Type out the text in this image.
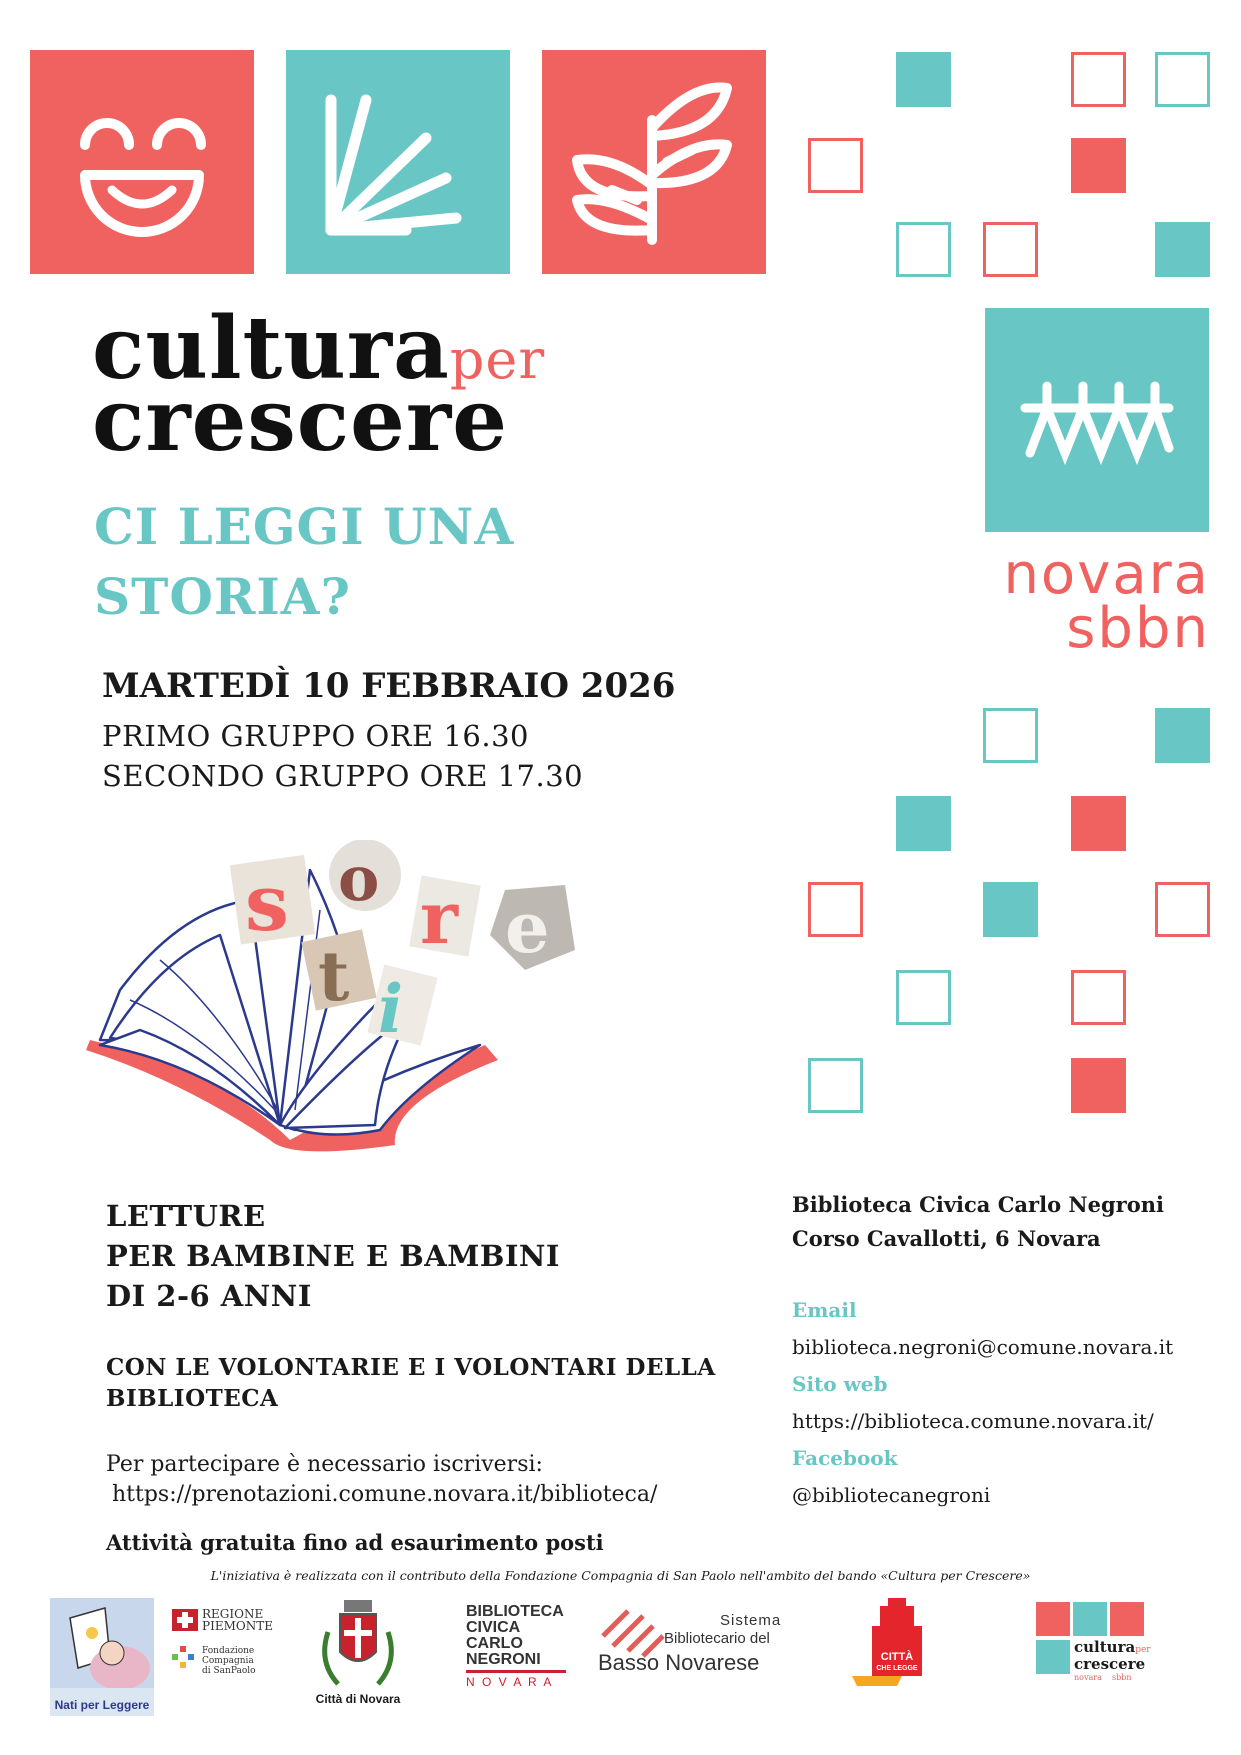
novara
sbbn
culturaper
crescere
CI LEGGI UNA
STORIA?
MARTEDÌ 10 FEBBRAIO 2026
PRIMO GRUPPO ORE 16.30
SECONDO GRUPPO ORE 17.30
s o r
t i
e
LETTURE
PER BAMBINE E BAMBINI
DI 2-6 ANNI
CON LE VOLONTARIE E I VOLONTARI DELLA
BIBLIOTECA
Per partecipare è necessario iscriversi:
https://prenotazioni.comune.novara.it/biblioteca/
Attività gratuita fino ad esaurimento posti
Biblioteca Civica Carlo Negroni
Corso Cavallotti, 6 Novara
Email
biblioteca.negroni@comune.novara.it
Sito web
https://biblioteca.comune.novara.it/
Facebook
@bibliotecanegroni
L'iniziativa è realizzata con il contributo della Fondazione Compagnia di San Paolo nell'ambito del bando «Cultura per Crescere»
Nati per Leggere
REGIONE
PIEMONTE
Fondazione
Compagnia
di SanPaolo
Città di Novara
BIBLIOTECA
CIVICA
CARLO
NEGRONI
N O V A R A
Sistema
Bibliotecario del
Basso Novarese	CITTÀ
CHE LEGGE
culturaper
crescere
novara sbbn
